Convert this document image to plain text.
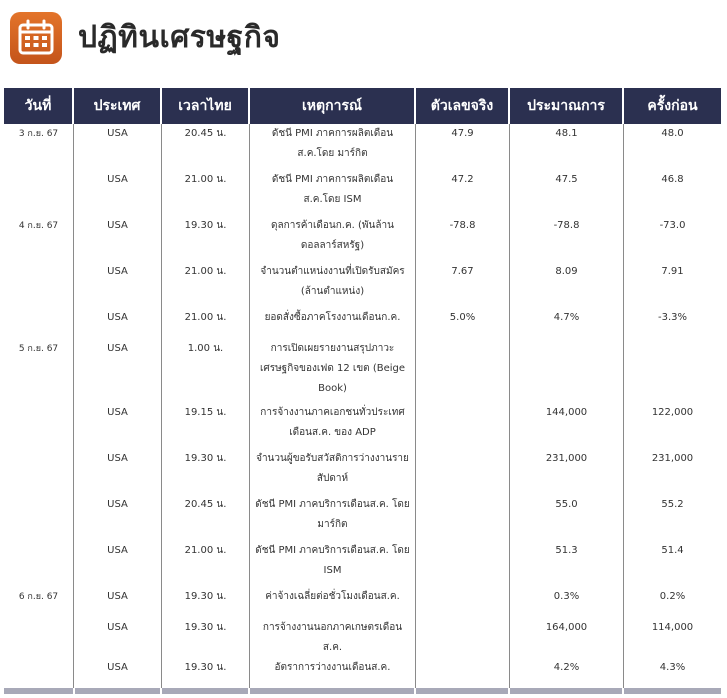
ปฏิทินเศรษฐกิจ
วันที่	ประเทศ	เวลาไทย	เหตุการณ์	ตัวเลขจริง	ประมาณการ	ครั้งก่อน
3 ก.ย. 67	USA	20.45 น.	ดัชนี PMI ภาคการผลิตเดือนส.ค.โดย มาร์กิต	47.9	48.1	48.0
	USA	21.00 น.	ดัชนี PMI ภาคการผลิตเดือนส.ค.โดย ISM	47.2	47.5	46.8
4 ก.ย. 67	USA	19.30 น.	ดุลการค้าเดือนก.ค. (พันล้านดอลลาร์สหรัฐ)	-78.8	-78.8	-73.0
	USA	21.00 น.	จำนวนตำแหน่งงานที่เปิดรับสมัคร (ล้านตำแหน่ง)	7.67	8.09	7.91
	USA	21.00 น.	ยอดสั่งซื้อภาคโรงงานเดือนก.ค.	5.0%	4.7%	-3.3%
5 ก.ย. 67	USA	1.00 น.	การเปิดเผยรายงานสรุปภาวะเศรษฐกิจของเฟด 12 เขต (Beige Book)			
	USA	19.15 น.	การจ้างงานภาคเอกชนทั่วประเทศเดือนส.ค. ของ ADP		144,000	122,000
	USA	19.30 น.	จำนวนผู้ขอรับสวัสดิการว่างงานรายสัปดาห์		231,000	231,000
	USA	20.45 น.	ดัชนี PMI ภาคบริการเดือนส.ค. โดย มาร์กิต		55.0	55.2
	USA	21.00 น.	ดัชนี PMI ภาคบริการเดือนส.ค. โดย ISM		51.3	51.4
6 ก.ย. 67	USA	19.30 น.	ค่าจ้างเฉลี่ยต่อชั่วโมงเดือนส.ค.		0.3%	0.2%
	USA	19.30 น.	การจ้างงานนอกภาคเกษตรเดือนส.ค.		164,000	114,000
	USA	19.30 น.	อัตราการว่างงานเดือนส.ค.		4.2%	4.3%
